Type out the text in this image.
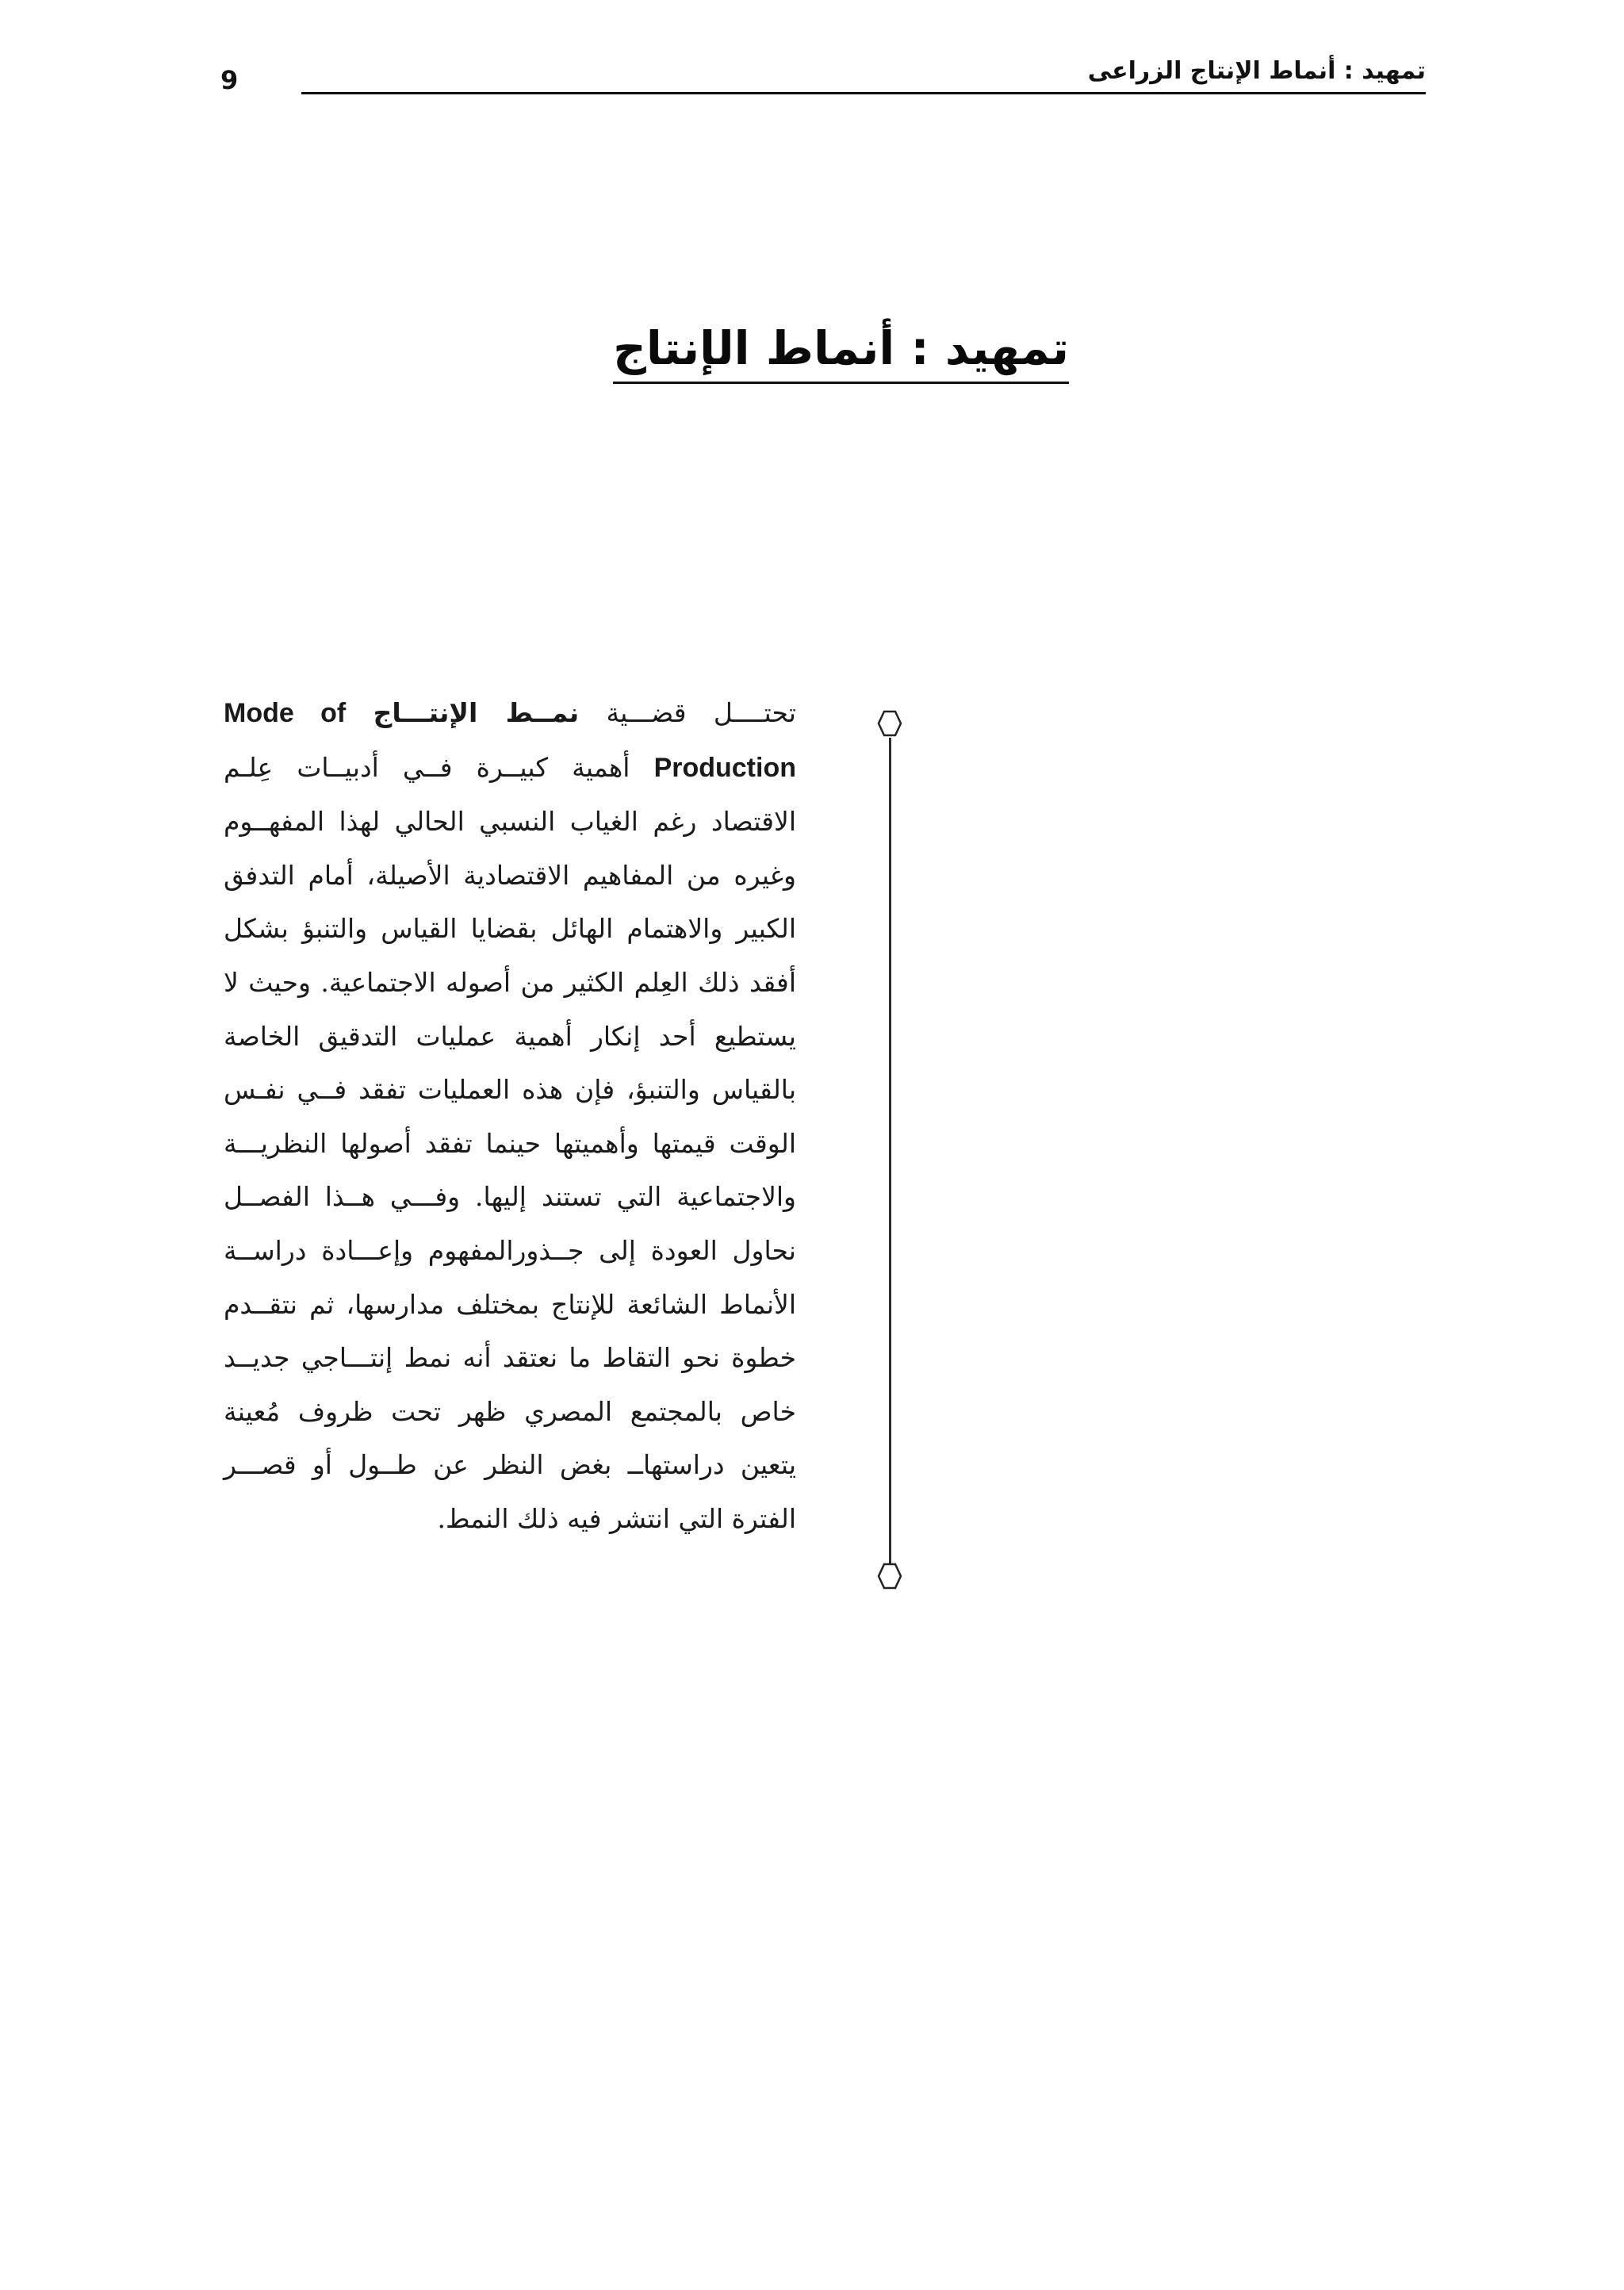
9	تمهيد : أنماط الإنتاج الزراعى
تمهيد : أنماط الإنتاج
تحتــــل قضـــية نمــط الإنتـــاج Mode of Production أهمية كبيــرة فــي أدبيــات عِلـم الاقتصاد رغم الغياب النسبي الحالي لهذا المفهــوم وغيره من المفاهيم الاقتصادية الأصيلة، أمام التدفق الكبير والاهتمام الهائل بقضايا القياس والتنبؤ بشكل أفقد ذلك العِلم الكثير من أصوله الاجتماعية. وحيث لا يستطيع أحد إنكار أهمية عمليات التدقيق الخاصة بالقياس والتنبؤ، فإن هذه العمليات تفقد فــي نفـس الوقت قيمتها وأهميتها حينما تفقد أصولها النظريـــة والاجتماعية التي تستند إليها. وفـــي هــذا الفصــل نحاول العودة إلى جــذورالمفهوم وإعـــادة دراســة الأنماط الشائعة للإنتاج بمختلف مدارسها، ثم نتقــدم خطوة نحو التقاط ما نعتقد أنه نمط إنتـــاجي جديــد خاص بالمجتمع المصري ظهر تحت ظروف مُعينة يتعين دراستهاــ بغض النظر عن طــول أو قصـــر الفترة التي انتشر فيه ذلك النمط.
